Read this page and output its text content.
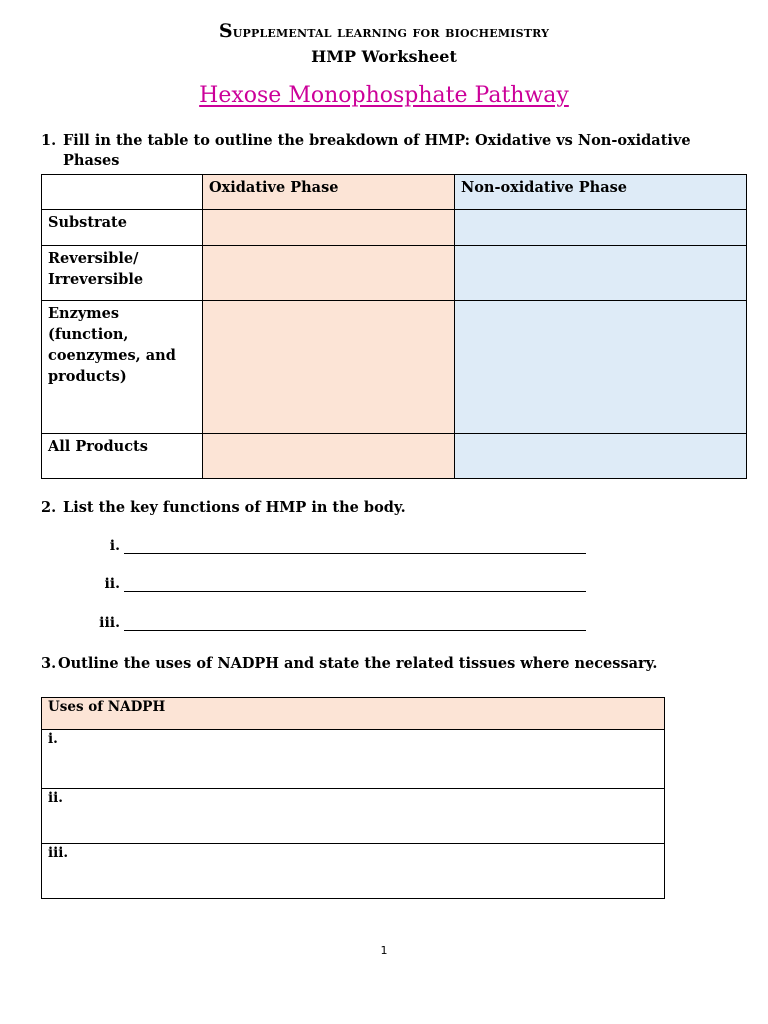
Supplemental learning for biochemistry
HMP Worksheet
Hexose Monophosphate Pathway
1. Fill in the table to outline the breakdown of HMP: Oxidative vs Non-oxidative
Phases
	Oxidative Phase	Non-oxidative Phase
Substrate		

Reversible/
Irreversible		

Enzymes
(function,
coenzymes, and
products)		

All Products		
2. List the key functions of HMP in the body.
i.
ii.
iii.
3. Outline the uses of NADPH and state the related tissues where necessary.
Uses of NADPH
i.
ii.
iii.
1
